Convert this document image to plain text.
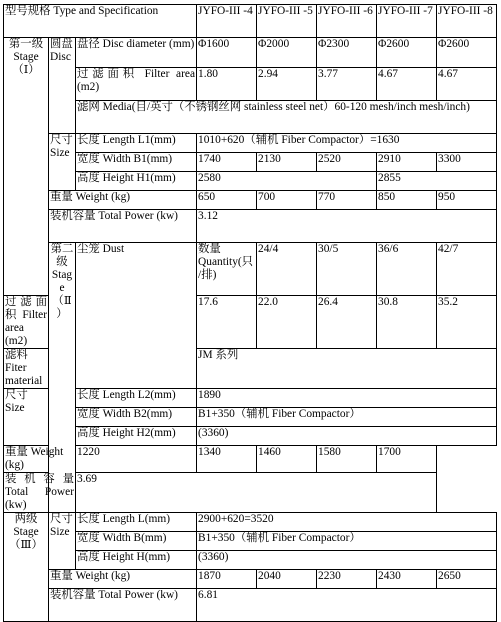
型号规格 Type and Specification			JYFO-III -4	JYFO-III -5	JYFO-III -6	JYFO-III -7	JYFO-III -8	
第一级 Stage （Ⅰ）	圆盘 Disc	盘径 Disc diameter (mm)	Φ1600	Φ2000	Φ2300	Φ2600	Φ2600	
		过滤面积 Filter area (m2)	1.80	2.94	3.77	4.67	4.67	
		滤网 Media(目/英寸（不锈钢丝网 stainless steel net）60-120 mesh/inch mesh/inch)						
	尺寸 Size	长度 Length L1(mm)	1010+620（辅机 Fiber Compactor）=1630					
		宽度 Width B1(mm)	1740	2130	2520	2910	3300	
		高度 Height H1(mm)	2580			2855		
	重量 Weight (kg)		650	700	770	850	950	
	装机容量 Total Power (kw)		3.12					
	第二级 Stage （Ⅱ）	尘笼 Dust	数量 Quantity(只/排)	24/4	30/5	36/6	42/7	
过滤面积 Filter area (m2)			17.6	22.0	26.4	30.8	35.2	
滤料 Fiter material			JM 系列					
尺寸 Size		长度 Length L2(mm)	1890					
		宽度 Width B2(mm)	B1+350（辅机 Fiber Compactor）					
		高度 Height H2(mm)	(3360)					
重量 Weight (kg)		1220	1340	1460	1580	1700		
装机容量 Total Power (kw)		3.69						
两级 Stage （Ⅲ）	尺寸 Size	长度 Length L(mm)	2900+620=3520					
		宽度 Width B(mm)	B1+350（辅机 Fiber Compactor）					
		高度 Height H(mm)	(3360)					
	重量 Weight (kg)		1870	2040	2230	2430	2650	
	装机容量 Total Power (kw)		6.81					
